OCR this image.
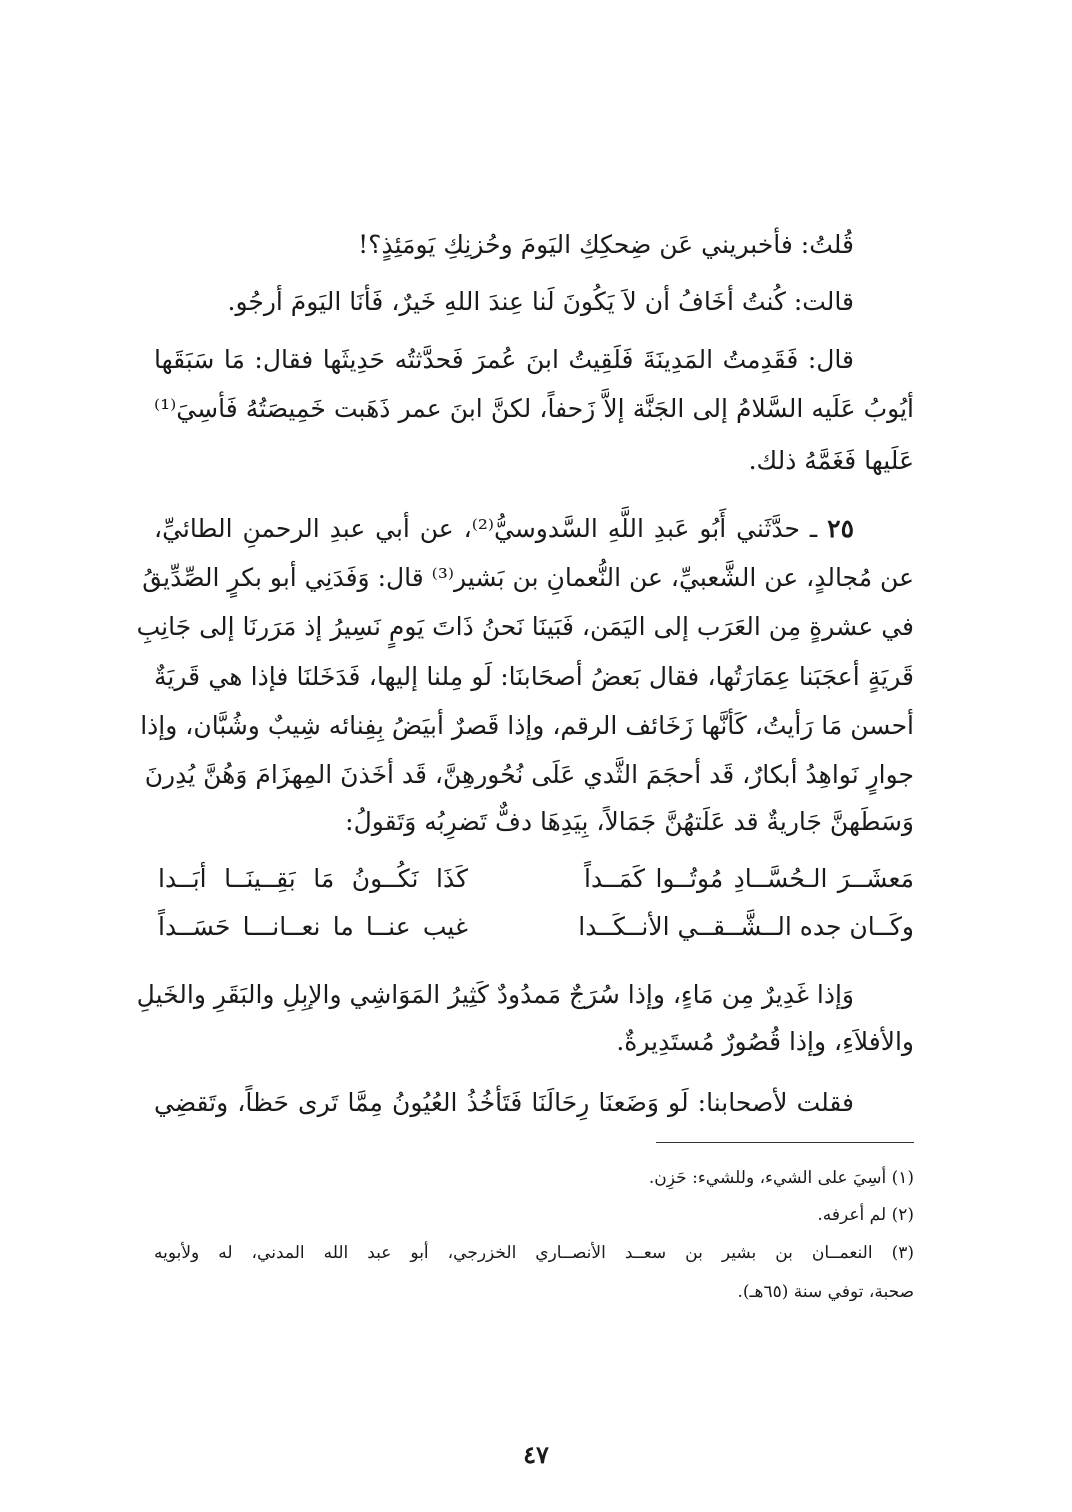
قُلتُ: فأخبريني عَن ضِحكِكِ اليَومَ وحُزنِكِ يَومَئِذٍ؟!
قالت: كُنتُ أخَافُ أن لاَ يَكُونَ لَنا عِندَ اللهِ خَيرٌ، فَأنَا اليَومَ أرجُو.
قال: فَقَدِمتُ المَدِينَةَ فَلَقِيتُ ابنَ عُمرَ فَحدَّثتُه حَدِيثَها فقال: مَا سَبَقَها
أيُوبُ عَلَيه السَّلامُ إلى الجَنَّة إلاَّ زَحفاً، لكنَّ ابنَ عمر ذَهَبت خَمِيصَتُهُ فَأسِيَ⁽¹⁾
عَلَيها فَغَمَّهُ ذلك.
٢٥ ـ حدَّثَني أَبُو عَبدِ اللَّهِ السَّدوسيُّ⁽²⁾، عن أبي عبدِ الرحمنِ الطائيِّ،
عن مُجالدٍ، عن الشَّعبيِّ، عن النُّعمانِ بن بَشير⁽³⁾ قال: وَفَدَنِي أبو بكرٍ الصِّدِّيقُ
في عشرةٍ مِن العَرَب إلى اليَمَن، فَبَينَا نَحنُ ذَاتَ يَومٍ نَسِيرُ إذ مَرَرنَا إلى جَانِبِ
قَريَةٍ أعجَبَنا عِمَارَتُها، فقال بَعضُ أصحَابنَا: لَو مِلنا إليها، فَدَخَلنَا فإذا هي قَريَةٌ
أحسن مَا رَأيتُ، كَأنَّها زَخَائف الرقم، وإذا قَصرٌ أبيَضُ بِفِنائه شِيبٌ وشُبَّان، وإذا
جوارٍ نَواهِدُ أبكارٌ، قَد أحجَمَ الثَّدي عَلَى نُحُورهِنَّ، قَد أخَذنَ المِهزَامَ وَهُنَّ يُدِرنَ
وَسَطَهنَّ جَاريةٌ قد عَلَتهُنَّ جَمَالاً، بِيَدِهَا دفٌّ تَضرِبُه وَتَقولُ:
مَعشَــرَ الـحُسَّــادِ مُوتُــوا كَمَــداً
كَذَا نَكُــونُ مَا بَقِــينَــا أبَــدا
وكَــان جده الــشَّــقــي الأنــكَــدا
غيب عنــا ما نعــانـــا حَسَــداً
وَإذا غَدِيرٌ مِن مَاءٍ، وإذا سُرَجٌ مَمدُودٌ كَثِيرُ المَوَاشِي والإبِلِ والبَقَرِ والخَيلِ
والأفلاَءِ، وإذا قُصُورٌ مُستَدِيرةٌ.
فقلت لأصحابنا: لَو وَضَعنَا رِحَالَنَا فَتَأخُذُ العُيُونُ مِمَّا تَرى حَظاً، وتَقضِي
(١) أسِيَ على الشيء، وللشيء: حَزِن.
(٢) لم أعرفه.
(٣) النعمــان بن بشير بن سعــد الأنصــاري الخزرجي، أبو عبد الله المدني، له ولأبويه
صحبة، توفي سنة (٦٥هـ).
٤٧
